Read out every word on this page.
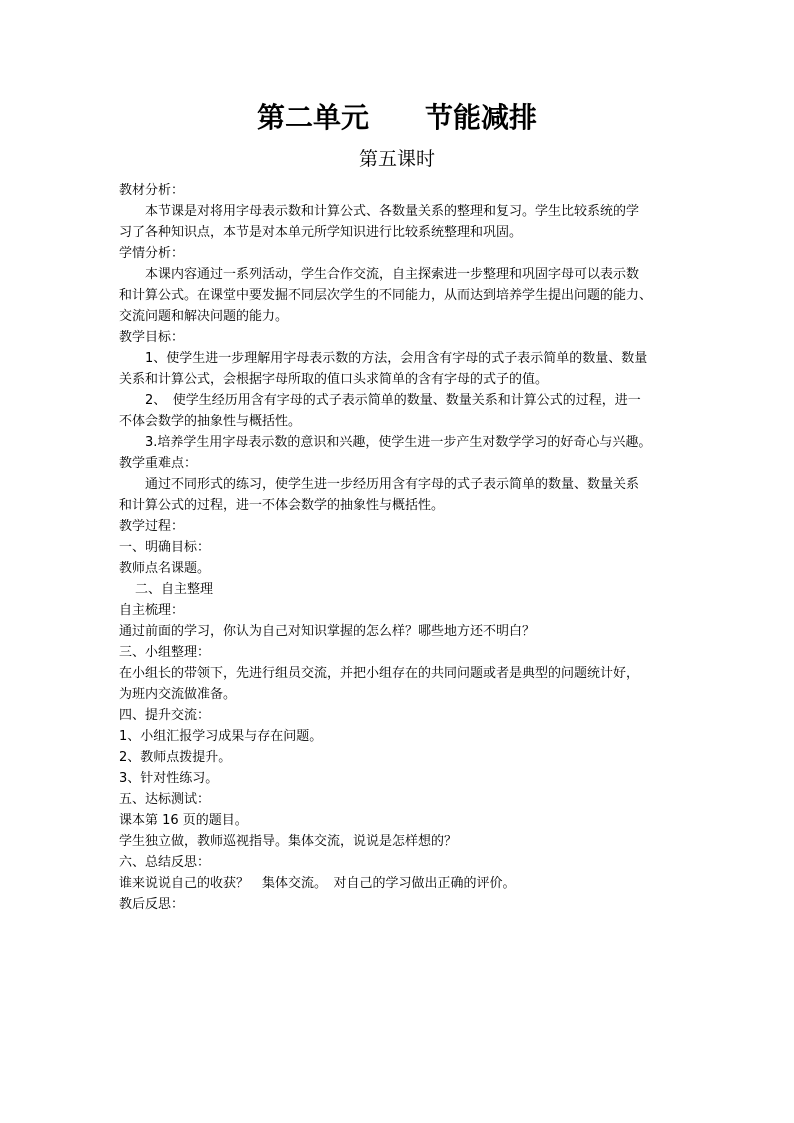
第二单元　　节能减排
第五课时
教材分析：
本节课是对将用字母表示数和计算公式、各数量关系的整理和复习。学生比较系统的学
习了各种知识点，本节是对本单元所学知识进行比较系统整理和巩固。
学情分析：
本课内容通过一系列活动，学生合作交流，自主探索进一步整理和巩固字母可以表示数
和计算公式。在课堂中要发掘不同层次学生的不同能力，从而达到培养学生提出问题的能力、
交流问题和解决问题的能力。
教学目标：
1、使学生进一步理解用字母表示数的方法，会用含有字母的式子表示简单的数量、数量
关系和计算公式，会根据字母所取的值口头求简单的含有字母的式子的值。
2、　使学生经历用含有字母的式子表示简单的数量、数量关系和计算公式的过程，进一
不体会数学的抽象性与概括性。
3.培养学生用字母表示数的意识和兴趣，使学生进一步产生对数学学习的好奇心与兴趣。
教学重难点：
通过不同形式的练习，使学生进一步经历用含有字母的式子表示简单的数量、数量关系
和计算公式的过程，进一不体会数学的抽象性与概括性。
教学过程：
一、明确目标：
教师点名课题。
二、自主整理
自主梳理：
通过前面的学习，你认为自己对知识掌握的怎么样？哪些地方还不明白？
三、小组整理：
在小组长的带领下，先进行组员交流，并把小组存在的共同问题或者是典型的问题统计好，
为班内交流做准备。
四、提升交流：
1、小组汇报学习成果与存在问题。
2、教师点拨提升。
3、针对性练习。
五、达标测试：
课本第 16 页的题目。
学生独立做，教师巡视指导。集体交流，说说是怎样想的？
六、总结反思：
谁来说说自己的收获？　集体交流。　对自己的学习做出正确的评价。
教后反思：
